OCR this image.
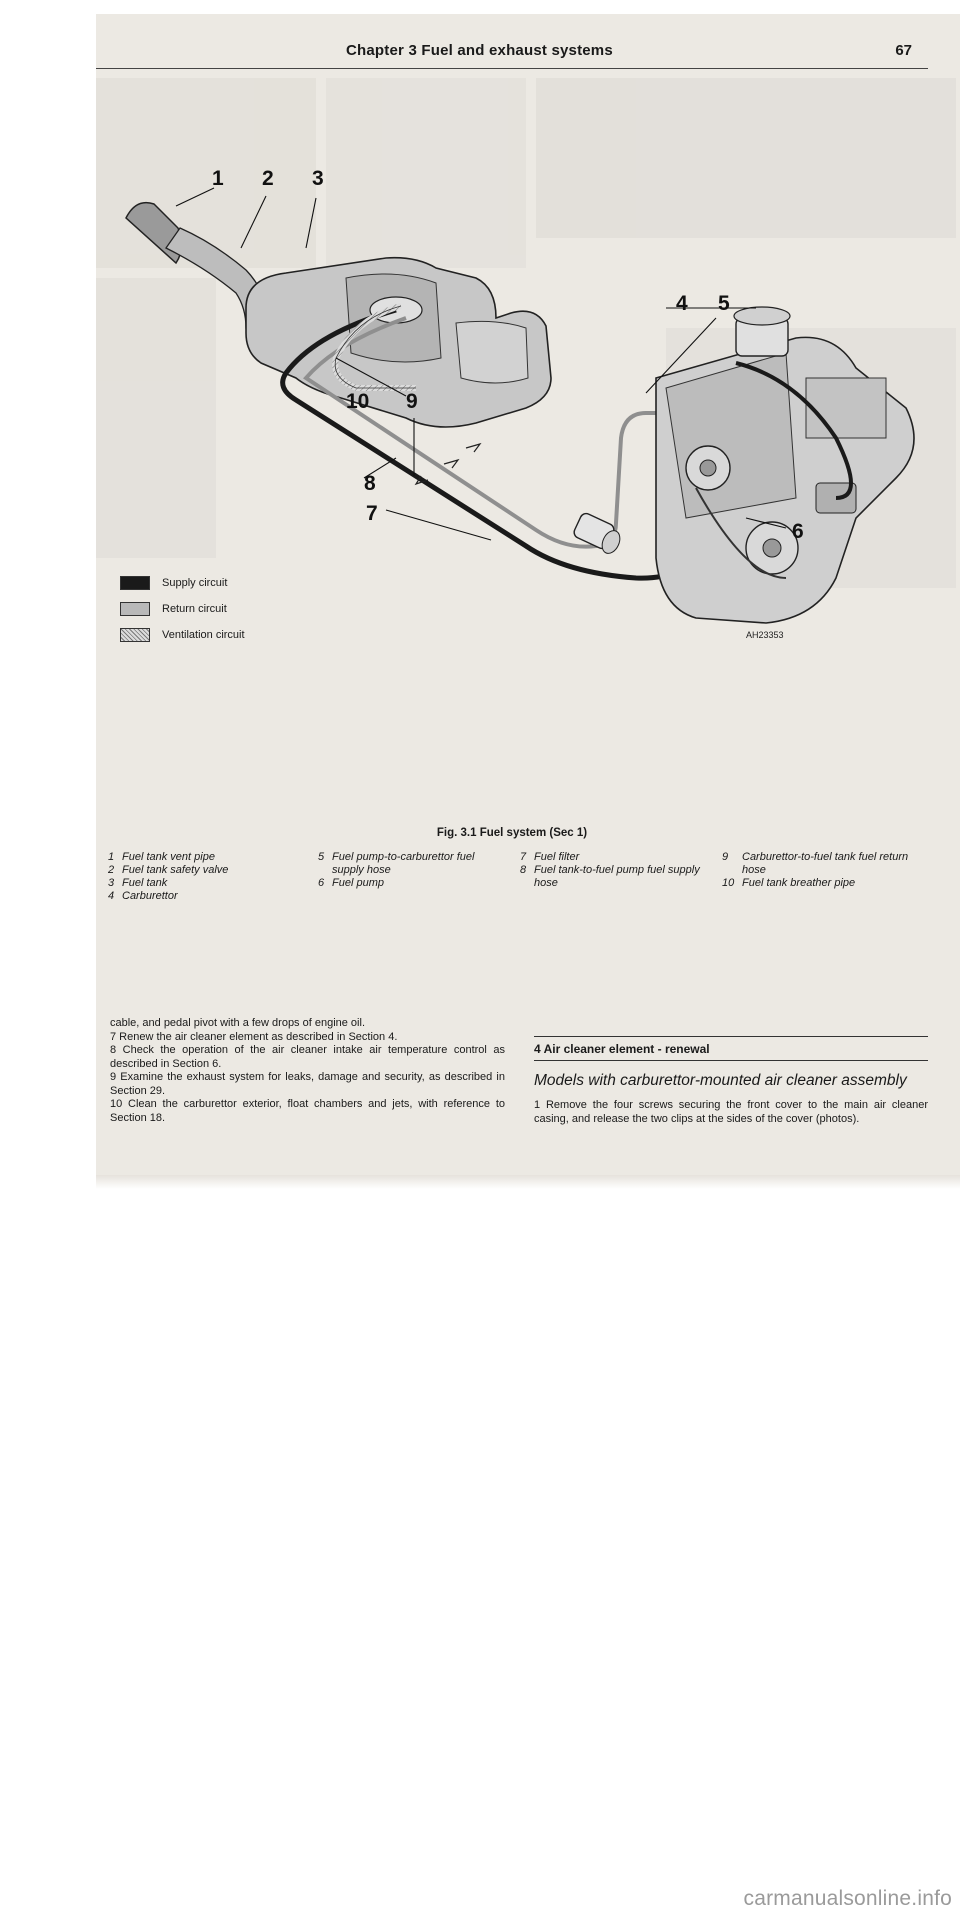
Chapter 3 Fuel and exhaust systems	67
1 2 3
4 5
6
7
8
9
10
AH23353
Supply circuit
Return circuit
Ventilation circuit
Fig. 3.1 Fuel system (Sec 1)
1 Fuel tank vent pipe
2 Fuel tank safety valve
3 Fuel tank
4 Carburettor
5 Fuel pump-to-carburettor fuel supply hose
6 Fuel pump
7 Fuel filter
8 Fuel tank-to-fuel pump fuel supply hose
9	Carburettor-to-fuel tank fuel return hose
10 Fuel tank breather pipe

cable, and pedal pivot with a few drops of engine oil.

7 Renew the air cleaner element as described in Section 4.

8 Check the operation of the air cleaner intake air temperature control as described in Section 6.

9 Examine the exhaust system for leaks, damage and security, as described in Section 29.

10 Clean the carburettor exterior, float chambers and jets, with reference to Section 18.

4 Air cleaner element - renewal
Models with carburettor-mounted air cleaner assembly

1 Remove the four screws securing the front cover to the main air cleaner casing, and release the two clips at the sides of the cover (photos).

carmanualsonline.info
